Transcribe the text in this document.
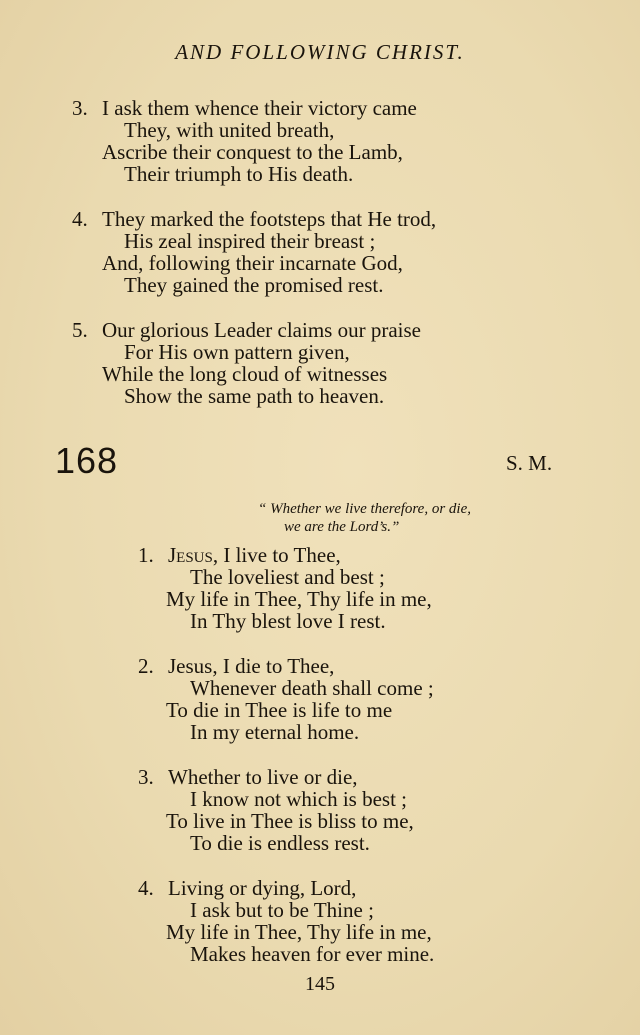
AND FOLLOWING CHRIST.
3. I ask them whence their victory came
They, with united breath,
Ascribe their conquest to the Lamb,
Their triumph to His death.
4. They marked the footsteps that He trod,
His zeal inspired their breast ;
And, following their incarnate God,
They gained the promised rest.
5. Our glorious Leader claims our praise
For His own pattern given,
While the long cloud of witnesses
Show the same path to heaven.
168	S. M.
“ Whether we live therefore, or die,
we are the Lord’s.”
1. Jesus, I live to Thee,
The loveliest and best ;
My life in Thee, Thy life in me,
In Thy blest love I rest.
2. Jesus, I die to Thee,
Whenever death shall come ;
To die in Thee is life to me
In my eternal home.
3. Whether to live or die,
I know not which is best ;
To live in Thee is bliss to me,
To die is endless rest.
4. Living or dying, Lord,
I ask but to be Thine ;
My life in Thee, Thy life in me,
Makes heaven for ever mine.
145
